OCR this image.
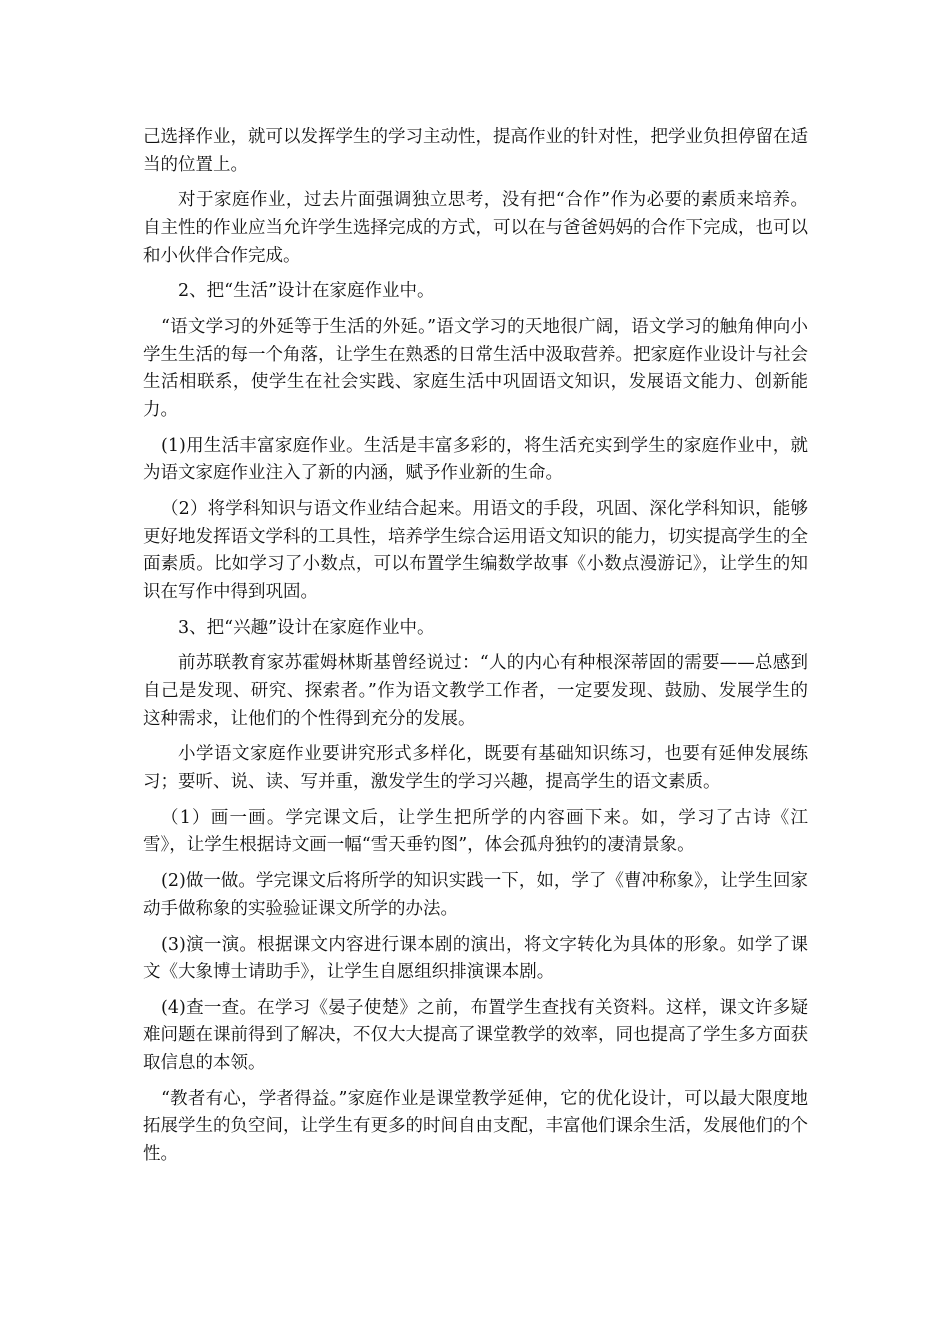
己选择作业，就可以发挥学生的学习主动性，提高作业的针对性，把学业负担停留在适当的位置上。

对于家庭作业，过去片面强调独立思考，没有把“合作”作为必要的素质来培养。自主性的作业应当允许学生选择完成的方式，可以在与爸爸妈妈的合作下完成，也可以和小伙伴合作完成。

2、把“生活”设计在家庭作业中。

“语文学习的外延等于生活的外延。”语文学习的天地很广阔，语文学习的触角伸向小学生生活的每一个角落，让学生在熟悉的日常生活中汲取营养。把家庭作业设计与社会生活相联系，使学生在社会实践、家庭生活中巩固语文知识，发展语文能力、创新能力。

(1)用生活丰富家庭作业。生活是丰富多彩的，将生活充实到学生的家庭作业中，就为语文家庭作业注入了新的内涵，赋予作业新的生命。

（2）将学科知识与语文作业结合起来。用语文的手段，巩固、深化学科知识，能够更好地发挥语文学科的工具性，培养学生综合运用语文知识的能力，切实提高学生的全面素质。比如学习了小数点，可以布置学生编数学故事《小数点漫游记》，让学生的知识在写作中得到巩固。

3、把“兴趣”设计在家庭作业中。

前苏联教育家苏霍姆林斯基曾经说过：“人的内心有种根深蒂固的需要——总感到自己是发现、研究、探索者。”作为语文教学工作者，一定要发现、鼓励、发展学生的这种需求，让他们的个性得到充分的发展。

小学语文家庭作业要讲究形式多样化，既要有基础知识练习，也要有延伸发展练习；要听、说、读、写并重，激发学生的学习兴趣，提高学生的语文素质。

（1）画一画。学完课文后，让学生把所学的内容画下来。如，学习了古诗《江雪》，让学生根据诗文画一幅“雪天垂钓图”，体会孤舟独钓的凄清景象。

(2)做一做。学完课文后将所学的知识实践一下，如，学了《曹冲称象》，让学生回家动手做称象的实验验证课文所学的办法。

(3)演一演。根据课文内容进行课本剧的演出，将文字转化为具体的形象。如学了课文《大象博士请助手》，让学生自愿组织排演课本剧。

(4)查一查。在学习《晏子使楚》之前，布置学生查找有关资料。这样，课文许多疑难问题在课前得到了解决，不仅大大提高了课堂教学的效率，同也提高了学生多方面获取信息的本领。

“教者有心，学者得益。”家庭作业是课堂教学延伸，它的优化设计，可以最大限度地拓展学生的负空间，让学生有更多的时间自由支配，丰富他们课余生活，发展他们的个性。
